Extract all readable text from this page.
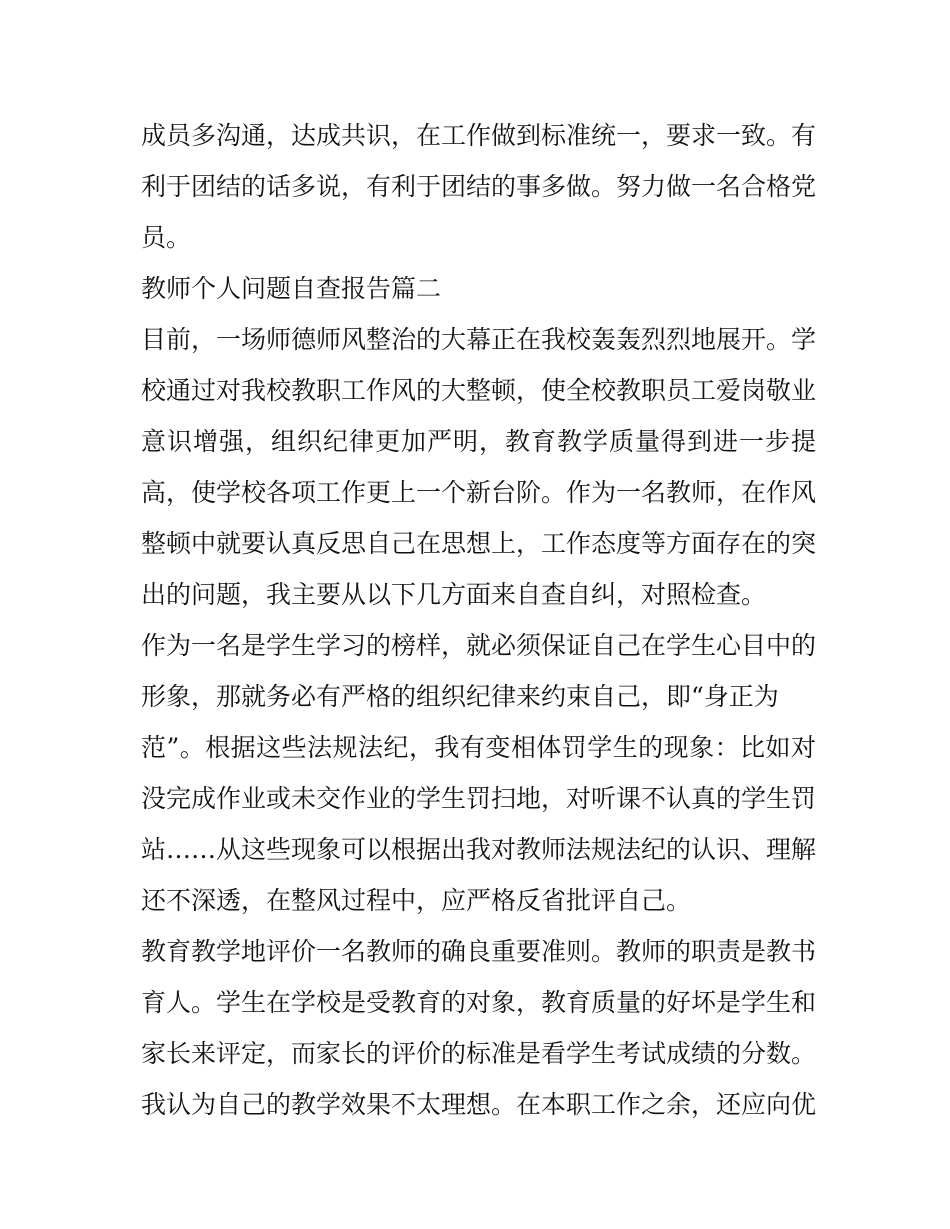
成员多沟通，达成共识，在工作做到标准统一，要求一致。有
利于团结的话多说，有利于团结的事多做。努力做一名合格党
员。
教师个人问题自查报告篇二
目前，一场师德师风整治的大幕正在我校轰轰烈烈地展开。学
校通过对我校教职工作风的大整顿，使全校教职员工爱岗敬业
意识增强，组织纪律更加严明，教育教学质量得到进一步提
高，使学校各项工作更上一个新台阶。作为一名教师，在作风
整顿中就要认真反思自己在思想上，工作态度等方面存在的突
出的问题，我主要从以下几方面来自查自纠，对照检查。
作为一名是学生学习的榜样，就必须保证自己在学生心目中的
形象，那就务必有严格的组织纪律来约束自己，即“身正为
范”。根据这些法规法纪，我有变相体罚学生的现象：比如对
没完成作业或未交作业的学生罚扫地，对听课不认真的学生罚
站……从这些现象可以根据出我对教师法规法纪的认识、理解
还不深透，在整风过程中，应严格反省批评自己。
教育教学地评价一名教师的确良重要准则。教师的职责是教书
育人。学生在学校是受教育的对象，教育质量的好坏是学生和
家长来评定，而家长的评价的标准是看学生考试成绩的分数。
我认为自己的教学效果不太理想。在本职工作之余，还应向优
